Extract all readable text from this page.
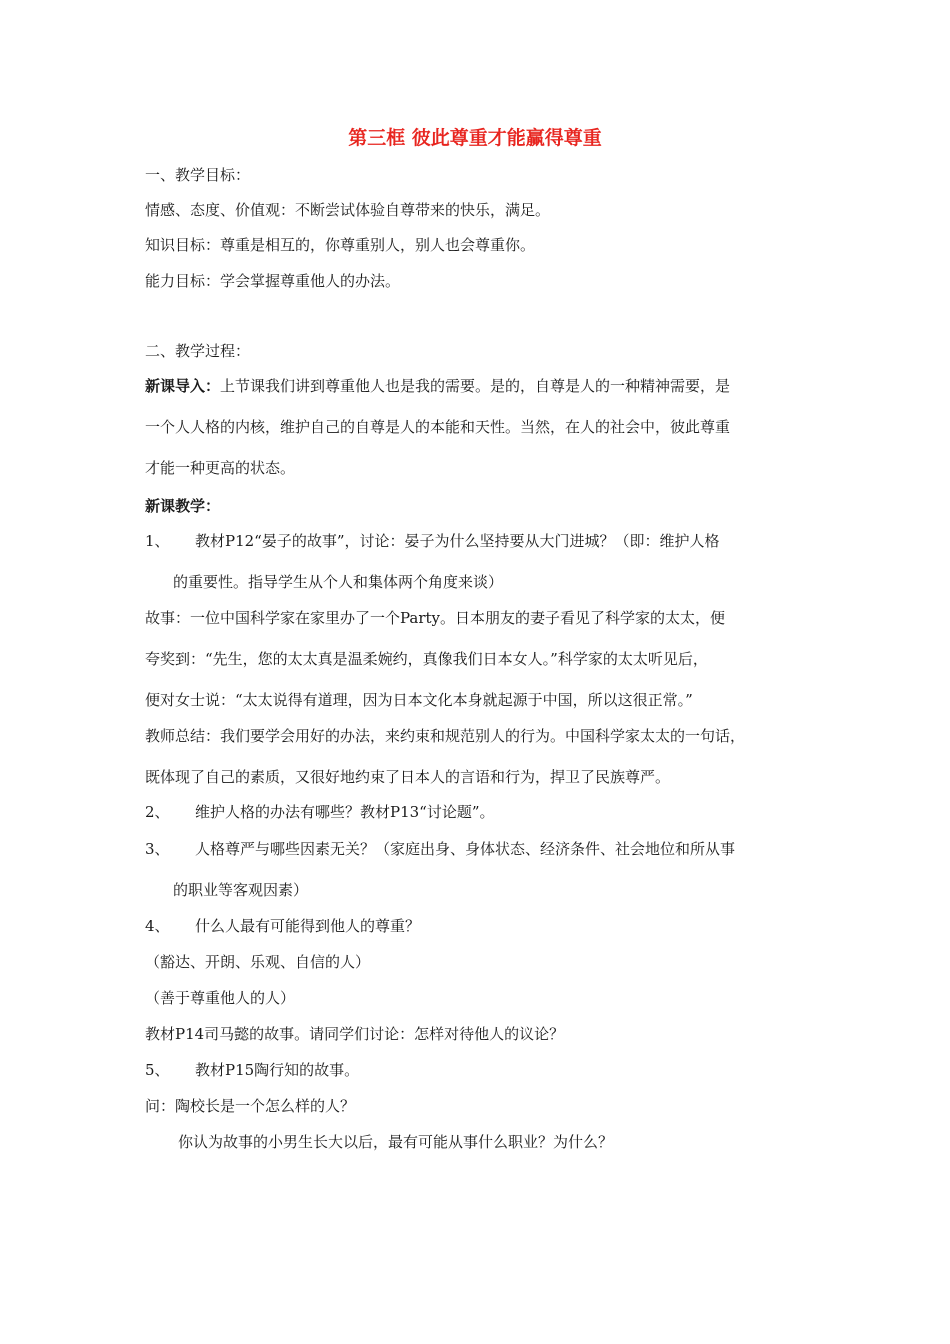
第三框 彼此尊重才能赢得尊重
一、教学目标：
情感、态度、价值观：不断尝试体验自尊带来的快乐，满足。
知识目标：尊重是相互的，你尊重别人，别人也会尊重你。
能力目标：学会掌握尊重他人的办法。
二、教学过程：
新课导入：上节课我们讲到尊重他人也是我的需要。是的，自尊是人的一种精神需要，是
一个人人格的内核，维护自己的自尊是人的本能和天性。当然，在人的社会中，彼此尊重
才能一种更高的状态。
新课教学：
1、 教材P12“晏子的故事”，讨论：晏子为什么坚持要从大门进城？（即：维护人格
的重要性。指导学生从个人和集体两个角度来谈）
故事：一位中国科学家在家里办了一个Party。日本朋友的妻子看见了科学家的太太，便
夸奖到：“先生，您的太太真是温柔婉约，真像我们日本女人。”科学家的太太听见后，
便对女士说：“太太说得有道理，因为日本文化本身就起源于中国，所以这很正常。”
教师总结：我们要学会用好的办法，来约束和规范别人的行为。中国科学家太太的一句话，
既体现了自己的素质，又很好地约束了日本人的言语和行为，捍卫了民族尊严。
2、 维护人格的办法有哪些？教材P13“讨论题”。
3、 人格尊严与哪些因素无关？（家庭出身、身体状态、经济条件、社会地位和所从事
的职业等客观因素）
4、 什么人最有可能得到他人的尊重？
（豁达、开朗、乐观、自信的人）
（善于尊重他人的人）
教材P14司马懿的故事。请同学们讨论：怎样对待他人的议论？
5、 教材P15陶行知的故事。
问：陶校长是一个怎么样的人？
你认为故事的小男生长大以后，最有可能从事什么职业？为什么？
